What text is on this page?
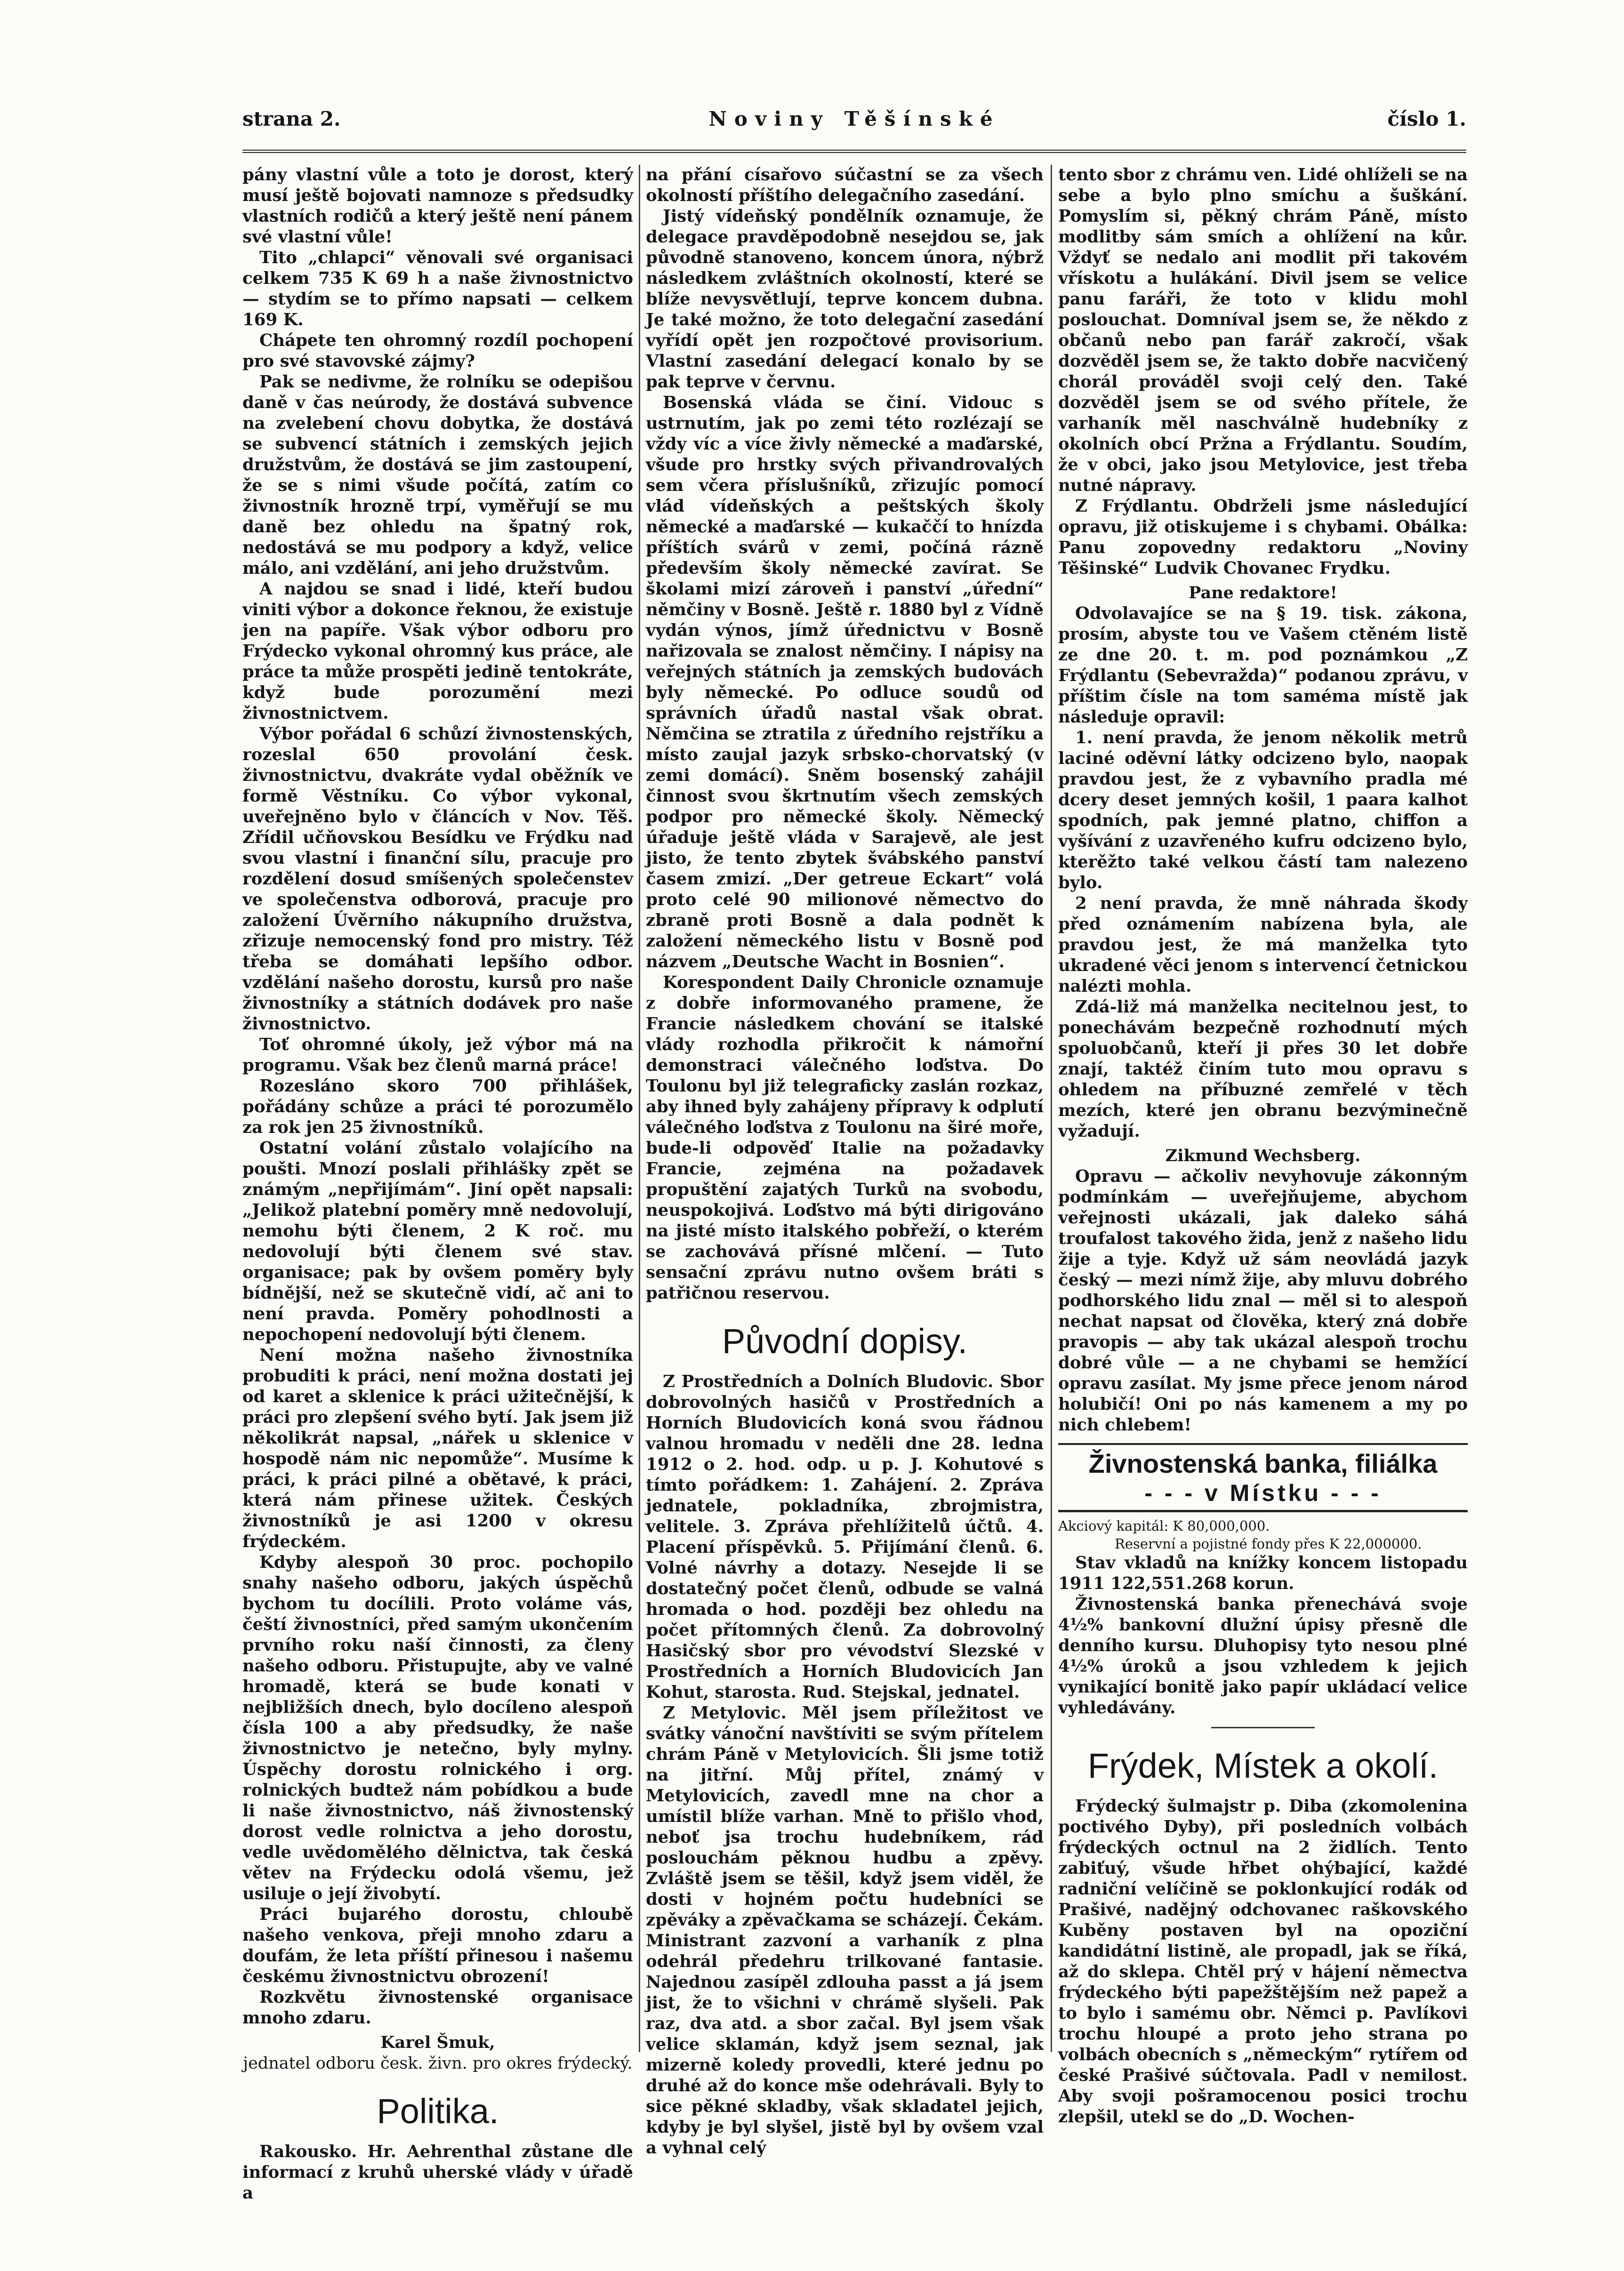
strana 2.	Noviny Těšínské	číslo 1.

pány vlastní vůle a toto je dorost, který musí ještě bojovati namnoze s předsudky vlastních rodičů a který ještě není pánem své vlastní vůle!

Tito „chlapci“ věnovali své organisaci celkem 735 K 69 h a naše živnostnictvo — stydím se to přímo napsati — celkem 169 K.

Chápete ten ohromný rozdíl pochopení pro své stavovské zájmy?

Pak se nedivme, že rolníku se odepišou daně v čas neúrody, že dostává subvence na zvelebení chovu dobytka, že dostává se subvencí státních i zemských jejich družstvům, že dostává se jim zastoupení, že se s nimi všude počítá, zatím co živnostník hrozně trpí, vyměřují se mu daně bez ohledu na špatný rok, nedostává se mu podpory a když, velice málo, ani vzdělání, ani jeho družstvům.

A najdou se snad i lidé, kteří budou viniti výbor a dokonce řeknou, že existuje jen na papíře. Však výbor odboru pro Frýdecko vykonal ohromný kus práce, ale práce ta může prospěti jedině tentokráte, když bude porozumění mezi živnostnictvem.

Výbor pořádal 6 schůzí živnostenských, rozeslal 650 provolání česk. živnostnictvu, dvakráte vydal oběžník ve formě Věstníku. Co výbor vykonal, uveřejněno bylo v článcích v Nov. Těš. Zřídil učňovskou Besídku ve Frýdku nad svou vlastní i finanční sílu, pracuje pro rozdělení dosud smíšených společenstev ve společenstva odborová, pracuje pro založení Úvěrního nákupního družstva, zřizuje nemocenský fond pro mistry. Též třeba se domáhati lepšího odbor. vzdělání našeho dorostu, kursů pro naše živnostníky a státních dodávek pro naše živnostnictvo.

Toť ohromné úkoly, jež výbor má na programu. Však bez členů marná práce!

Rozesláno skoro 700 přihlášek, pořádány schůze a práci té porozumělo za rok jen 25 živnostníků.

Ostatní volání zůstalo volajícího na poušti. Mnozí poslali přihlášky zpět se známým „nepřijímám“. Jiní opět napsali: „Jelikož platební poměry mně nedovolují, nemohu býti členem, 2 K roč. mu nedovolují býti členem své stav. organisace; pak by ovšem poměry byly bídnější, než se skutečně vidí, ač ani to není pravda. Poměry pohodlnosti a nepochopení nedovolují býti členem.

Není možna našeho živnostníka probuditi k práci, není možna dostati jej od karet a sklenice k práci užitečnější, k práci pro zlepšení svého bytí. Jak jsem již několikrát napsal, „nářek u sklenice v hospodě nám nic nepomůže“. Musíme k práci, k práci pilné a obětavé, k práci, která nám přinese užitek. Českých živnostníků je asi 1200 v okresu frýdeckém.

Kdyby alespoň 30 proc. pochopilo snahy našeho odboru, jakých úspěchů bychom tu docílili. Proto voláme vás, čeští živnostníci, před samým ukončením prvního roku naší činnosti, za členy našeho odboru. Přistupujte, aby ve valné hromadě, která se bude konati v nejbližších dnech, bylo docíleno alespoň čísla 100 a aby předsudky, že naše živnostnictvo je netečno, byly mylny. Úspěchy dorostu rolnického i org. rolnických budtež nám pobídkou a bude li naše živnostnictvo, náš živnostenský dorost vedle rolnictva a jeho dorostu, vedle uvědomělého dělnictva, tak česká větev na Frýdecku odolá všemu, jež usiluje o její živobytí.

Práci bujarého dorostu, chloubě našeho venkova, přeji mnoho zdaru a doufám, že leta příští přinesou i našemu českému živnostnictvu obrození!

Rozkvětu živnostenské organisace mnoho zdaru.

Karel Šmuk,

jednatel odboru česk. živn. pro okres frýdecký.

Politika.

Rakousko. Hr. Aehrenthal zůstane dle informací z kruhů uherské vlády v úřadě a

na přání císařovo súčastní se za všech okolností příštího delegačního zasedání.

Jistý vídeňský pondělník oznamuje, že delegace pravděpodobně nesejdou se, jak původně stanoveno, koncem února, nýbrž následkem zvláštních okolností, které se blíže nevysvětlují, teprve koncem dubna. Je také možno, že toto delegační zasedání vyřídí opět jen rozpočtové provisorium. Vlastní zasedání delegací konalo by se pak teprve v červnu.

Bosenská vláda se činí. Vidouc s ustrnutím, jak po zemi této rozlézají se vždy víc a více živly německé a maďarské, všude pro hrstky svých přivandrovalých sem včera příslušníků, zřizujíc pomocí vlád vídeňských a peštských školy německé a maďarské — kukaččí to hnízda příštích svárů v zemi, počíná rázně především školy německé zavírat. Se školami mizí zároveň i panství „úřední“ němčiny v Bosně. Ještě r. 1880 byl z Vídně vydán výnos, jímž úřednictvu v Bosně nařizovala se znalost němčiny. I nápisy na veřejných státních ja zemských budovách byly německé. Po odluce soudů od správních úřadů nastal však obrat. Němčina se ztratila z úředního rejstříku a místo zaujal jazyk srbsko-chorvatský (v zemi domácí). Sněm bosenský zahájil činnost svou škrtnutím všech zemských podpor pro německé školy. Německý úřaduje ještě vláda v Sarajevě, ale jest jisto, že tento zbytek švábského panství časem zmizí. „Der getreue Eckart“ volá proto celé 90 milionové němectvo do zbraně proti Bosně a dala podnět k založení německého listu v Bosně pod názvem „Deutsche Wacht in Bosnien“.

Korespondent Daily Chronicle oznamuje z dobře informovaného pramene, že Francie následkem chování se italské vlády rozhodla přikročit k námořní demonstraci válečného loďstva. Do Toulonu byl již telegraficky zaslán rozkaz, aby ihned byly zahájeny přípravy k odplutí válečného loďstva z Toulonu na širé moře, bude-li odpověď Italie na požadavky Francie, zejména na požadavek propuštění zajatých Turků na svobodu, neuspokojivá. Loďstvo má býti dirigováno na jisté místo italského pobřeží, o kterém se zachovává přísné mlčení. — Tuto sensační zprávu nutno ovšem bráti s patřičnou reservou.

Původní dopisy.

Z Prostředních a Dolních Bludovic. Sbor dobrovolných hasičů v Prostředních a Horních Bludovicích koná svou řádnou valnou hromadu v neděli dne 28. ledna 1912 o 2. hod. odp. u p. J. Kohutové s tímto pořádkem: 1. Zahájení. 2. Zpráva jednatele, pokladníka, zbrojmistra, velitele. 3. Zpráva přehlížitelů účtů. 4. Placení příspěvků. 5. Přijímání členů. 6. Volné návrhy a dotazy. Nesejde li se dostatečný počet členů, odbude se valná hromada o hod. později bez ohledu na počet přítomných členů. Za dobrovolný Hasičský sbor pro vévodství Slezské v Prostředních a Horních Bludovicích Jan Kohut, starosta. Rud. Stejskal, jednatel.

Z Metylovic. Měl jsem příležitost ve svátky vánoční navštíviti se svým přítelem chrám Páně v Metylovicích. Šli jsme totiž na jitřní. Můj přítel, známý v Metylovicích, zavedl mne na chor a umístil blíže varhan. Mně to přišlo vhod, neboť jsa trochu hudebníkem, rád poslouchám pěknou hudbu a zpěvy. Zvláště jsem se těšil, když jsem viděl, že dosti v hojném počtu hudebníci se zpěváky a zpěvačkama se scházejí. Čekám. Ministrant zazvoní a varhaník z plna odehrál předehru trilkované fantasie. Najednou zasípěl zdlouha passt a já jsem jist, že to všichni v chrámě slyšeli. Pak raz, dva atd. a sbor začal. Byl jsem však velice sklamán, když jsem seznal, jak mizerně koledy provedli, které jednu po druhé až do konce mše odehrávali. Byly to sice pěkné skladby, však skladatel jejich, kdyby je byl slyšel, jistě byl by ovšem vzal a vyhnal celý

tento sbor z chrámu ven. Lidé ohlíželi se na sebe a bylo plno smíchu a šuškání. Pomyslím si, pěkný chrám Páně, místo modlitby sám smích a ohlížení na kůr. Vždyť se nedalo ani modlit při takovém vřískotu a hulákání. Divil jsem se velice panu faráři, že toto v klidu mohl poslouchat. Domníval jsem se, že někdo z občanů nebo pan farář zakročí, však dozvěděl jsem se, že takto dobře nacvičený chorál prováděl svoji celý den. Také dozvěděl jsem se od svého přítele, že varhaník měl naschválně hudebníky z okolních obcí Pržna a Frýdlantu. Soudím, že v obci, jako jsou Metylovice, jest třeba nutné nápravy.

Z Frýdlantu. Obdrželi jsme následující opravu, již otiskujeme i s chybami. Obálka: Panu zopovedny redaktoru „Noviny Těšinské“ Ludvik Chovanec Frydku.

Pane redaktore!

Odvolavajíce se na § 19. tisk. zákona, prosím, abyste tou ve Vašem ctěném listě ze dne 20. t. m. pod poznámkou „Z Frýdlantu (Sebevražda)“ podanou zprávu, v příštim čísle na tom saméma místě jak následuje opravil:

1. není pravda, že jenom několik metrů laciné oděvní látky odcizeno bylo, naopak pravdou jest, že z vybavního pradla mé dcery deset jemných košil, 1 paara kalhot spodních, pak jemné platno, chiffon a vyšívání z uzavřeného kufru odcizeno bylo, kterěžto také velkou částí tam nalezeno bylo.

2 není pravda, že mně náhrada škody před oznámením nabízena byla, ale pravdou jest, že má manželka tyto ukradené věci jenom s intervencí četnickou nalézti mohla.

Zdá-liž má manželka necitelnou jest, to ponechávám bezpečně rozhodnutí mých spoluobčanů, kteří ji přes 30 let dobře znají, taktéž činím tuto mou opravu s ohledem na příbuzné zemřelé v těch mezích, které jen obranu bezvýminečně vyžadují.

Zikmund Wechsberg.

Opravu — ačkoliv nevyhovuje zákonným podmínkám — uveřejňujeme, abychom veřejnosti ukázali, jak daleko sáhá troufalost takového žida, jenž z našeho lidu žije a tyje. Když už sám neovládá jazyk český — mezi nímž žije, aby mluvu dobrého podhorského lidu znal — měl si to alespoň nechat napsat od člověka, který zná dobře pravopis — aby tak ukázal alespoň trochu dobré vůle — a ne chybami se hemžící opravu zasílat. My jsme přece jenom národ holubičí! Oni po nás kamenem a my po nich chlebem!

Živnostenská banka, filiálka
- - - v Místku - - -

Akciový kapitál: K 80,000,000.

Reservní a pojistné fondy přes K 22,000000.

Stav vkladů na knížky koncem listopadu 1911 122,551.268 korun.

Živnostenská banka přenechává svoje 4½% bankovní dlužní úpisy přesně dle denního kursu. Dluhopisy tyto nesou plné 4½% úroků a jsou vzhledem k jejich vynikající bonitě jako papír ukládací velice vyhledávány.

Frýdek, Místek a okolí.

Frýdecký šulmajstr p. Diba (zkomolenina poctivého Dyby), při posledních volbách frýdeckých octnul na 2 židlích. Tento zabiťuý, všude hřbet ohýbající, každé radniční velíčině se poklonkující rodák od Prašivé, nadějný odchovanec raškovského Kuběny postaven byl na opoziční kandidátní listině, ale propadl, jak se říká, až do sklepa. Chtěl prý v hájení němectva frýdeckého býti papežštějším než papež a to bylo i samému obr. Němci p. Pavlíkovi trochu hloupé a proto jeho strana po volbách obecních s „německým“ rytířem od české Prašivé súčtovala. Padl v nemilost. Aby svoji pošramocenou posici trochu zlepšil, utekl se do „D. Wochen-
